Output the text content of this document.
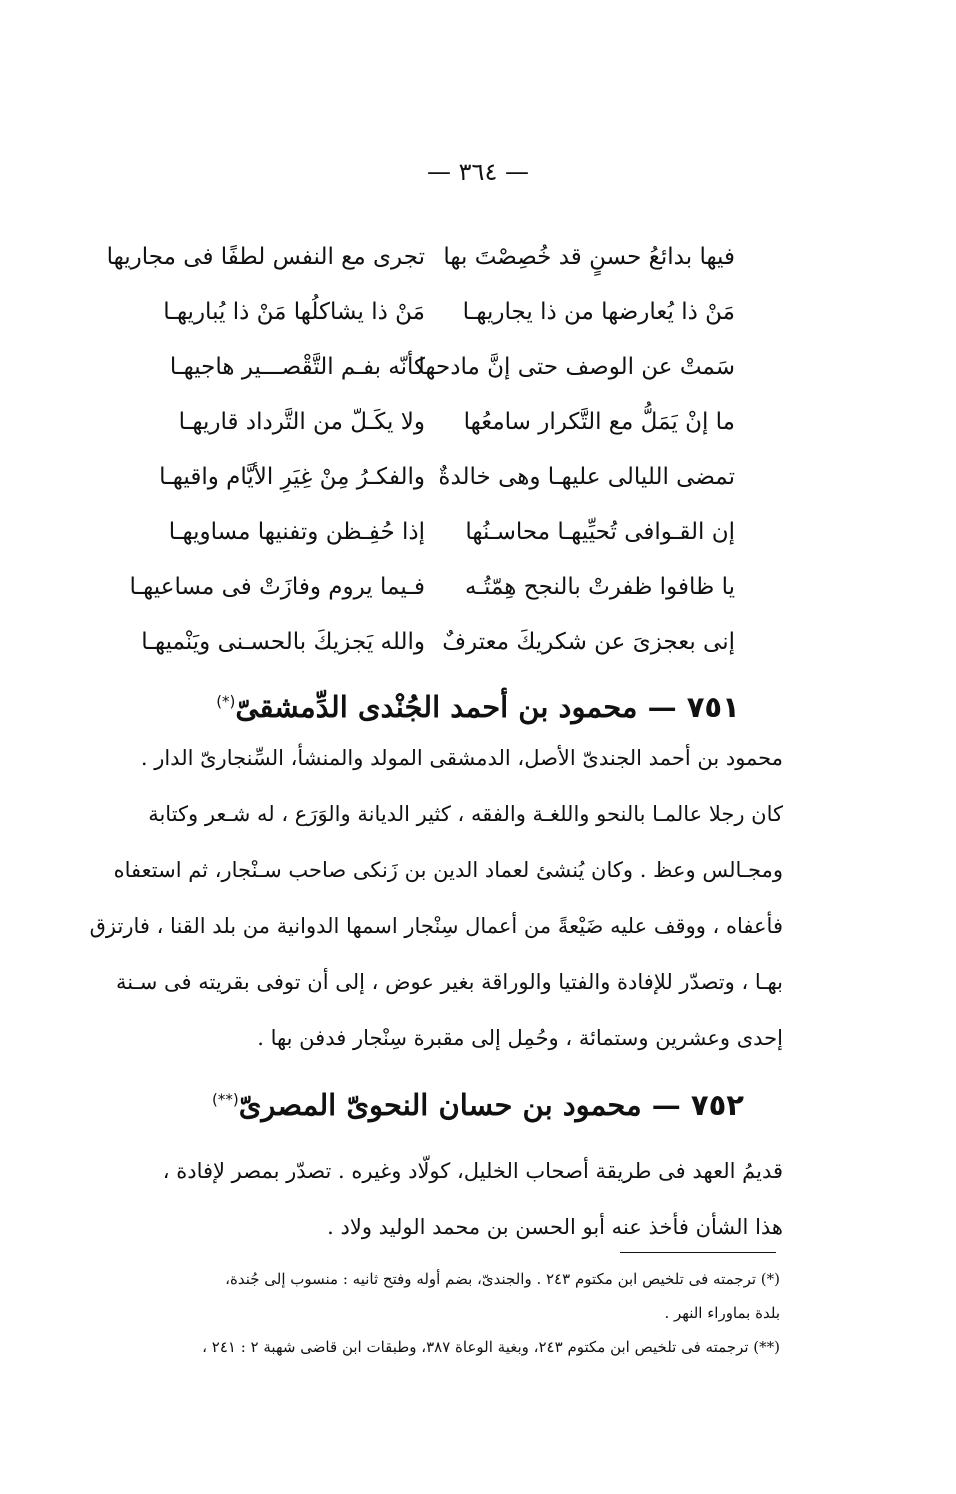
— ٣٦٤ —
فيها بدائعُ حسنٍ قد خُصِصْتَ بها
تجرى مع النفس لطفًا فى مجاريها
مَنْ ذا يُعارضها من ذا يجاريهـا
مَنْ ذا يشاكلُها مَنْ ذا يُباريهـا
سَمتْ عن الوصف حتى إنَّ مادحها
كأنّه بفـم التَّقْصـــير هاجيهـا
ما إنْ يَمَلُّ مع التَّكرار سامعُها
ولا يكَـلّ من التَّرداد قاريهـا
تمضى الليالى عليهـا وهى خالدةٌ
والفكـرُ مِنْ غِيَرِ الأيَّام واقيهـا
إن القـوافى تُحيِّيهـا محاسـنُها
إذا حُفِـظن وتفنيها مساويهـا
يا ظافوا ظفرتْ بالنجح هِمّتُـه
فـيما يروم وفازَتْ فى مساعيهـا
إنى بعجزىَ عن شكريكَ معترفٌ
والله يَجزيكَ بالحسـنى ويَنْميهـا
٧٥١ — محمود بن أحمد الجُنْدى الدِّمشقىّ(*)
محمود بن أحمد الجندىّ الأصل، الدمشقى المولد والمنشأ، السِّنجارىّ الدار .
كان رجلا عالمـا بالنحو واللغـة والفقه ، كثير الديانة والوَرَع ، له شـعر وكتابة
ومجـالس وعظ . وكان يُنشئ لعماد الدين بن زَنكى صاحب سـنْجار، ثم استعفاه
فأعفاه ، ووقف عليه ضَيْعةً من أعمال سِنْجار اسمها الدوانية من بلد القنا ، فارتزق
بهـا ، وتصدّر للإفادة والفتيا والوراقة بغير عوض ، إلى أن توفى بقريته فى سـنة
إحدى وعشرين وستمائة ، وحُمِل إلى مقبرة سِنْجار فدفن بها .
٧٥٢ — محمود بن حسان النحوىّ المصرىّ(**)
قديمُ العهد فى طريقة أصحاب الخليل، كولّاد وغيره . تصدّر بمصر لإفادة ،
هذا الشأن فأخذ عنه أبو الحسن بن محمد الوليد ولاد .
(*) ترجمته فى تلخيص ابن مكتوم ٢٤٣ . والجندىّ، بضم أوله وفتح ثانيه : منسوب إلى جُندة،
بلدة بماوراء النهر .
(**) ترجمته فى تلخيص ابن مكتوم ٢٤٣، وبغية الوعاة ٣٨٧، وطبقات ابن قاضى شهبة ٢ : ٢٤١ ،
